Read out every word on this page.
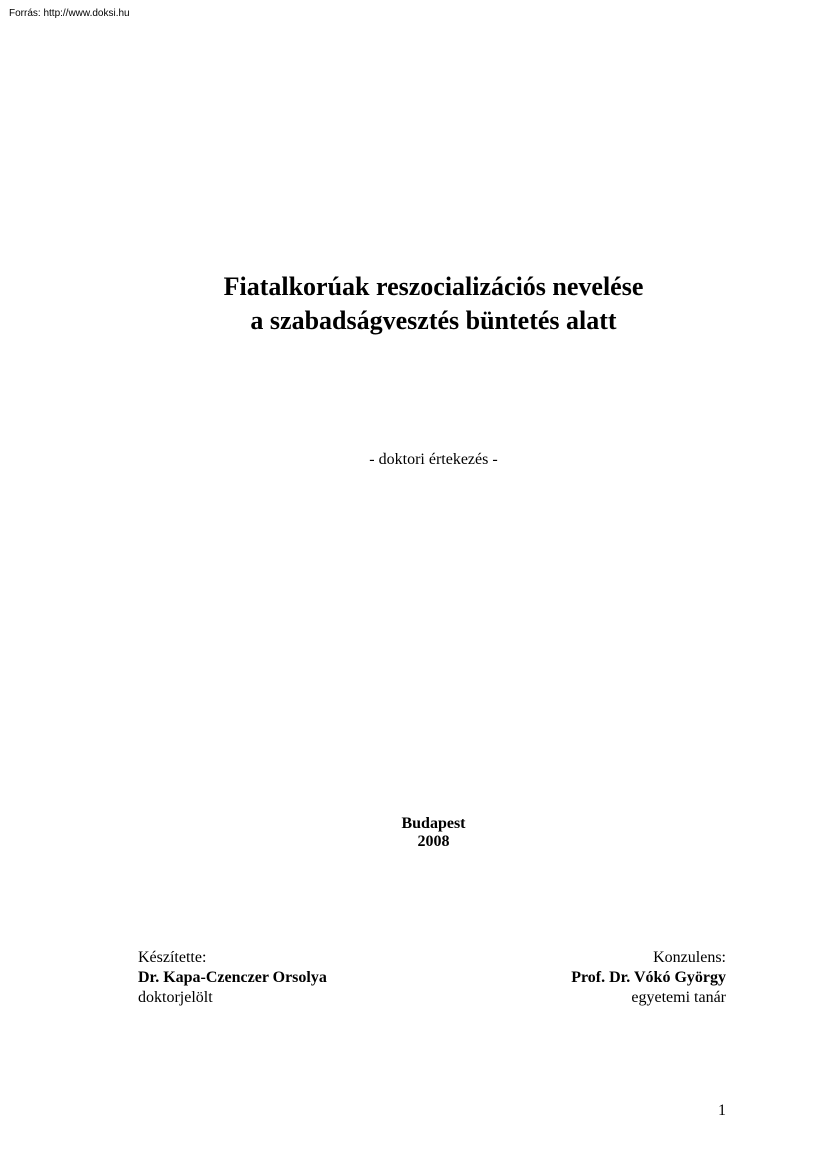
Forrás: http://www.doksi.hu
Fiatalkorúak reszocializációs nevelése
a szabadságvesztés büntetés alatt
- doktori értekezés -
Budapest
2008
Készítette:
Dr. Kapa-Czenczer Orsolya
doktorjelölt
Konzulens:
Prof. Dr. Vókó György
egyetemi tanár
1
